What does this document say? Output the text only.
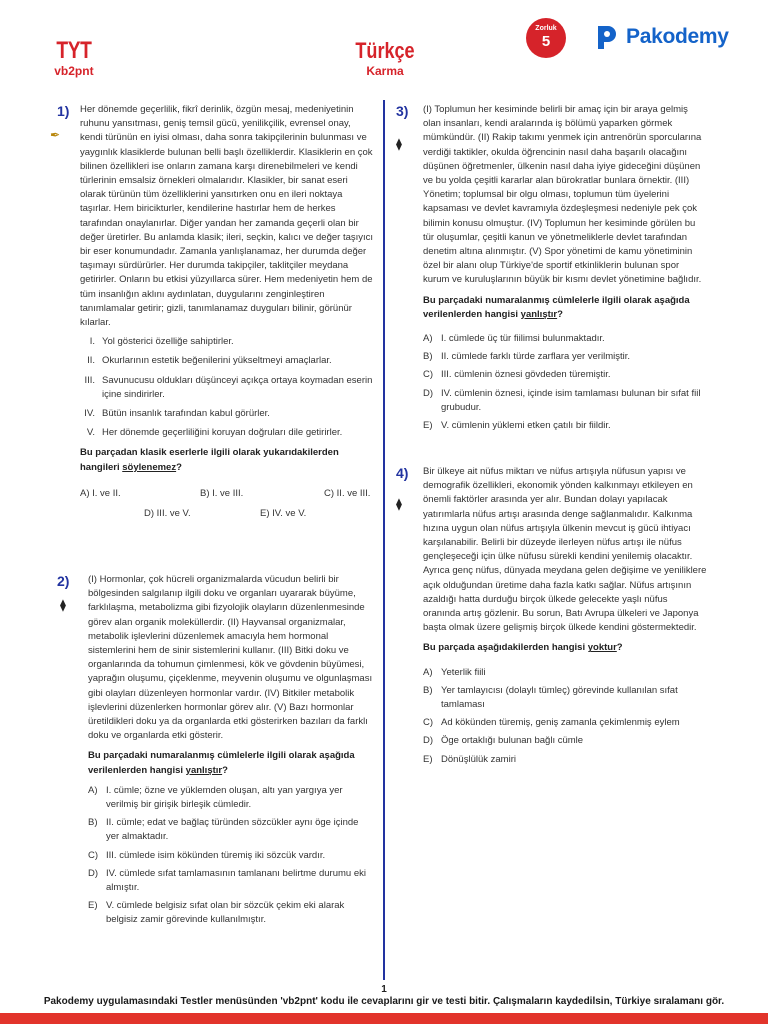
TYT
vb2pnt
Türkçe
Karma
Zorluk
5	Pakodemy
1)
✒

Her dönemde geçerlilik, fikrî derinlik, özgün mesaj, medeniyetinin ruhunu yansıtması, geniş temsil gücü, yenilikçilik, evrensel onay, kendi türünün en iyisi olması, daha sonra takipçilerinin bulunması ve yaygınlık klasiklerde bulunan belli başlı özelliklerdir. Klasiklerin en çok bilinen özellikleri ise onların zamana karşı direnebilmeleri ve kendi türlerinin emsalsiz örnekleri olmalarıdır. Klasikler, bir sanat eseri olarak türünün tüm özelliklerini yansıtırken onu en ileri noktaya taşırlar. Hem biricikturler, kendilerine hastırlar hem de herkes tarafından onaylanırlar. Diğer yandan her zamanda geçerli olan bir değer üretirler. Bu anlamda klasik; ileri, seçkin, kalıcı ve değer taşıyıcı bir eser konumundadır. Zamanla yanlışlanamaz, her durumda değer taşımayı sürdürürler. Her durumda takipçiler, taklitçiler meydana getirirler. Onların bu etkisi yüzyıllarca sürer. Hem medeniyetin hem de tüm insanlığın aklını aydınlatan, duygularını zenginleştiren tanımlamalar getirir; gizli, tanımlanamaz duyguları bilinir, görünür kılarlar.

I. Yol gösterici özelliğe sahiptirler.
II. Okurlarının estetik beğenilerini yükseltmeyi amaçlarlar.
III. Savunucusu oldukları düşünceyi açıkça ortaya koymadan eserin içine sindirirler.
IV. Bütün insanlık tarafından kabul görürler.
V. Her dönemde geçerliliğini koruyan doğruları dile getirirler.

Bu parçadan klasik eserlerle ilgili olarak yukarıdakilerden hangileri söylenemez?

A) I. ve II.	B) I. ve III.	C) II. ve III.
D) III. ve V.	E) IV. ve V.
2)
⧫

(I) Hormonlar, çok hücreli organizmalarda vücudun belirli bir bölgesinden salgılanıp ilgili doku ve organları uyararak büyüme, farklılaşma, metabolizma gibi fizyolojik olayların düzenlenmesinde görev alan organik moleküllerdir. (II) Hayvansal organizmalar, metabolik işlevlerini düzenlemek amacıyla hem hormonal sistemlerini hem de sinir sistemlerini kullanır. (III) Bitki doku ve organlarında da tohumun çimlenmesi, kök ve gövdenin büyümesi, yaprağın oluşumu, çiçeklenme, meyvenin oluşumu ve olgunlaşması gibi olayları düzenleyen hormonlar vardır. (IV) Bitkiler metabolik işlevlerini düzenlerken hormonlar görev alır. (V) Bazı hormonlar üretildikleri doku ya da organlarda etki gösterirken bazıları da farklı doku ve organlarda etki gösterir.

Bu parçadaki numaralanmış cümlelerle ilgili olarak aşağıda verilenlerden hangisi yanlıştır?

A) I. cümle; özne ve yüklemden oluşan, altı yan yargıya yer verilmiş bir girişik birleşik cümledir.
B) II. cümle; edat ve bağlaç türünden sözcükler aynı öge içinde yer almaktadır.
C) III. cümlede isim kökünden türemiş iki sözcük vardır.
D) IV. cümlede sıfat tamlamasının tamlananı belirtme durumu eki almıştır.
E) V. cümlede belgisiz sıfat olan bir sözcük çekim eki alarak belgisiz zamir görevinde kullanılmıştır.
3)
⧫

(I) Toplumun her kesiminde belirli bir amaç için bir araya gelmiş olan insanları, kendi aralarında iş bölümü yaparken görmek mümkündür. (II) Rakip takımı yenmek için antrenörün sporcularına verdiği taktikler, okulda öğrencinin nasıl daha başarılı olacağını düşünen öğretmenler, ülkenin nasıl daha iyiye gideceğini düşünen ve bu yolda çeşitli kararlar alan bürokratlar bunlara örnektir. (III) Yönetim; toplumsal bir olgu olması, toplumun tüm üyelerini kapsaması ve devlet kavramıyla özdeşleşmesi nedeniyle pek çok bilimin konusu olmuştur. (IV) Toplumun her kesiminde görülen bu tür oluşumlar, çeşitli kanun ve yönetmeliklerle devlet tarafından denetim altına alınmıştır. (V) Spor yönetimi de kamu yönetiminin özel bir alanı olup Türkiye'de sportif etkinliklerin bulunan spor kurum ve kuruluşlarının büyük bir kısmı devlet yönetimine bağlıdır.

Bu parçadaki numaralanmış cümlelerle ilgili olarak aşağıda verilenlerden hangisi yanlıştır?

A) I. cümlede üç tür fiilimsi bulunmaktadır.
B) II. cümlede farklı türde zarflara yer verilmiştir.
C) III. cümlenin öznesi gövdeden türemiştir.
D) IV. cümlenin öznesi, içinde isim tamlaması bulunan bir sıfat fiil grubudur.
E) V. cümlenin yüklemi etken çatılı bir fiildir.
4)
⧫

Bir ülkeye ait nüfus miktarı ve nüfus artışıyla nüfusun yapısı ve demografik özellikleri, ekonomik yönden kalkınmayı etkileyen en önemli faktörler arasında yer alır. Bundan dolayı yapılacak yatırımlarla nüfus artışı arasında denge sağlanmalıdır. Kalkınma hızına uygun olan nüfus artışıyla ülkenin mevcut iş gücü ihtiyacı karşılanabilir. Belirli bir düzeyde ilerleyen nüfus artışı ile nüfus gençleşeceği için ülke nüfusu sürekli kendini yenilemiş olacaktır. Ayrıca genç nüfus, dünyada meydana gelen değişime ve yeniliklere açık olduğundan üretime daha fazla katkı sağlar. Nüfus artışının azaldığı hatta durduğu birçok ülkede gelecekte yaşlı nüfus oranında artış gözlenir. Bu sorun, Batı Avrupa ülkeleri ve Japonya başta olmak üzere gelişmiş birçok ülkede kendini göstermektedir.

Bu parçada aşağıdakilerden hangisi yoktur?

A) Yeterlik fiili
B) Yer tamlayıcısı (dolaylı tümleç) görevinde kullanılan sıfat tamlaması
C) Ad kökünden türemiş, geniş zamanla çekimlenmiş eylem
D) Öge ortaklığı bulunan bağlı cümle
E) Dönüşlülük zamiri
1
Pakodemy uygulamasındaki Testler menüsünden 'vb2pnt' kodu ile cevaplarını gir ve testi bitir. Çalışmaların kaydedilsin, Türkiye sıralamanı gör.
